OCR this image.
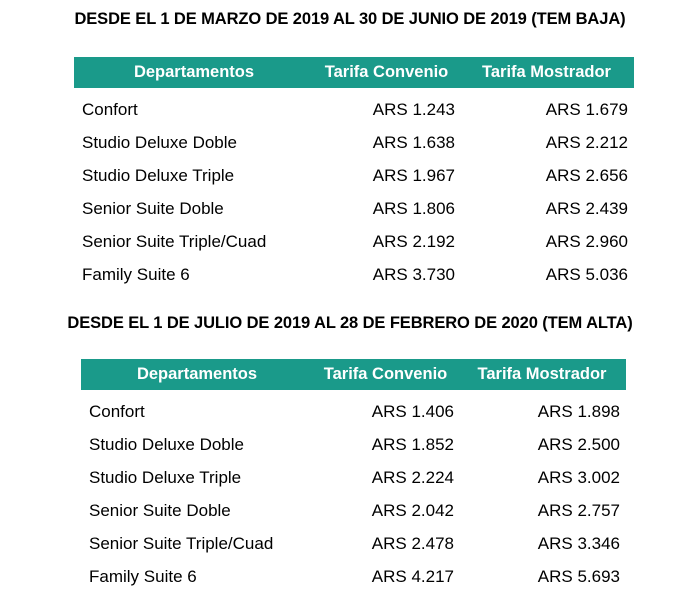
DESDE EL 1 DE MARZO DE 2019 AL 30 DE JUNIO DE 2019 (TEM BAJA)
Departamentos	Tarifa Convenio	Tarifa Mostrador
Confort	ARS 1.243	ARS 1.679
Studio Deluxe Doble	ARS 1.638	ARS 2.212
Studio Deluxe Triple	ARS 1.967	ARS 2.656
Senior Suite Doble	ARS 1.806	ARS 2.439
Senior Suite Triple/Cuad	ARS 2.192	ARS 2.960
Family Suite 6	ARS 3.730	ARS 5.036
DESDE EL 1 DE JULIO DE 2019 AL 28 DE FEBRERO DE 2020 (TEM ALTA)
Departamentos	Tarifa Convenio	Tarifa Mostrador
Confort	ARS 1.406	ARS 1.898
Studio Deluxe Doble	ARS 1.852	ARS 2.500
Studio Deluxe Triple	ARS 2.224	ARS 3.002
Senior Suite Doble	ARS 2.042	ARS 2.757
Senior Suite Triple/Cuad	ARS 2.478	ARS 3.346
Family Suite 6	ARS 4.217	ARS 5.693
